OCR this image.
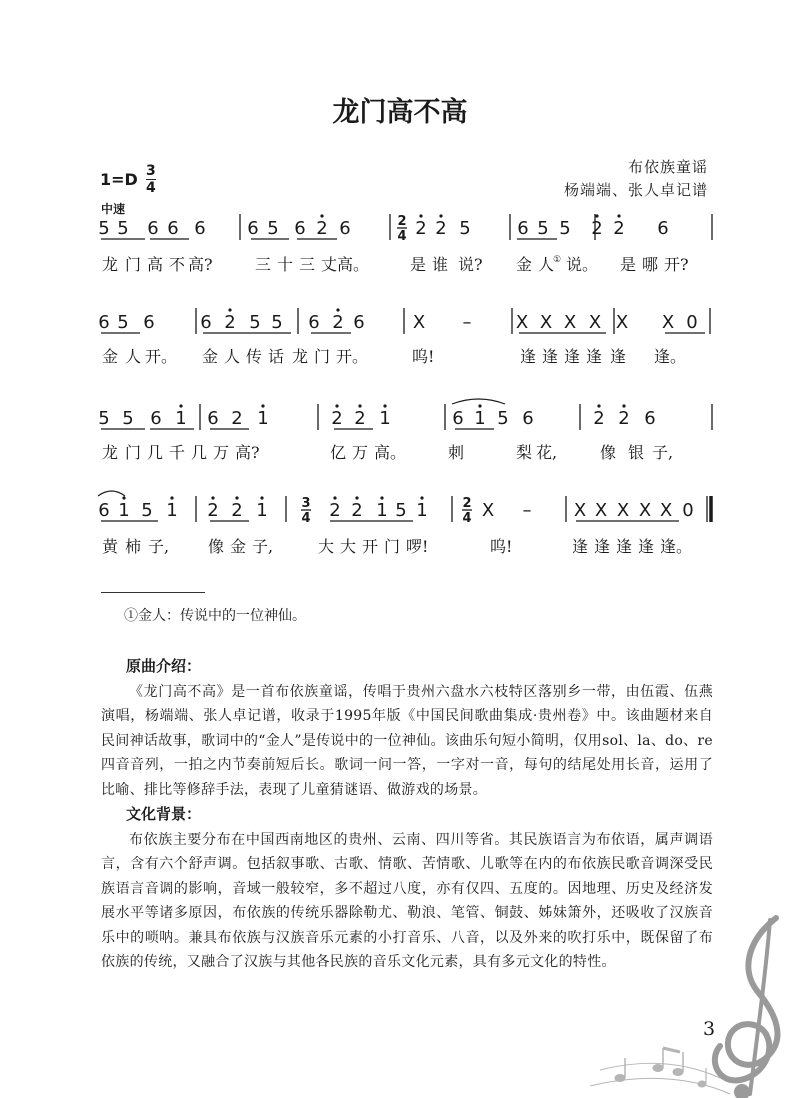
龙门高不高
$1=D \frac{3}{4}$	布依族童谣
杨端端、张人卓记谱
中速
5 5 6 6 6 6 5 6 2 6	2 2 5	6 5 5 2 2 6
龙 门 高 不 高?	三 十 三 丈高。	是 谁 说? 金 人 说。 是 哪 开?
6 5 6	6 2 5 5 6 2 6	X – X X X X X X 0
金 人 开。 金 人 传 话 龙 门 开。	呜!	逢 逢 逢 逢 逢 逢。
5 5 6 1 6 2 1	2 2 1	6 1 5 6	2 2 6
龙 门 几 千 几 万 高?	亿 万 高。	刺	梨 花,	像 银 子,
6 1 5 1 2 2 1	2 2 1 5 1	X – X X X X X 0
黄 柿 子, 像 金 子,	大 大 开 门 啰!	呜!	逢 逢 逢 逢 逢。
①
2
4
3
4
2
4
①金人：传说中的一位神仙。
原曲介绍：
《龙门高不高》是一首布依族童谣，传唱于贵州六盘水六枝特区落别乡一带，由伍霞、伍燕演唱，杨端端、张人卓记谱，收录于1995年版《中国民间歌曲集成·贵州卷》中。该曲题材来自民间神话故事，歌词中的“金人”是传说中的一位神仙。该曲乐句短小简明，仅用sol、la、do、re四音音列，一拍之内节奏前短后长。歌词一问一答，一字对一音，每句的结尾处用长音，运用了比喻、排比等修辞手法，表现了儿童猜谜语、做游戏的场景。
文化背景：
布依族主要分布在中国西南地区的贵州、云南、四川等省。其民族语言为布依语，属声调语言，含有六个舒声调。包括叙事歌、古歌、情歌、苦情歌、儿歌等在内的布依族民歌音调深受民族语言音调的影响，音域一般较窄，多不超过八度，亦有仅四、五度的。因地理、历史及经济发展水平等诸多原因，布依族的传统乐器除勒尤、勒浪、笔管、铜鼓、姊妹箫外，还吸收了汉族音乐中的唢呐。兼具布依族与汉族音乐元素的小打音乐、八音，以及外来的吹打乐中，既保留了布依族的传统，又融合了汉族与其他各民族的音乐文化元素，具有多元文化的特性。
3
